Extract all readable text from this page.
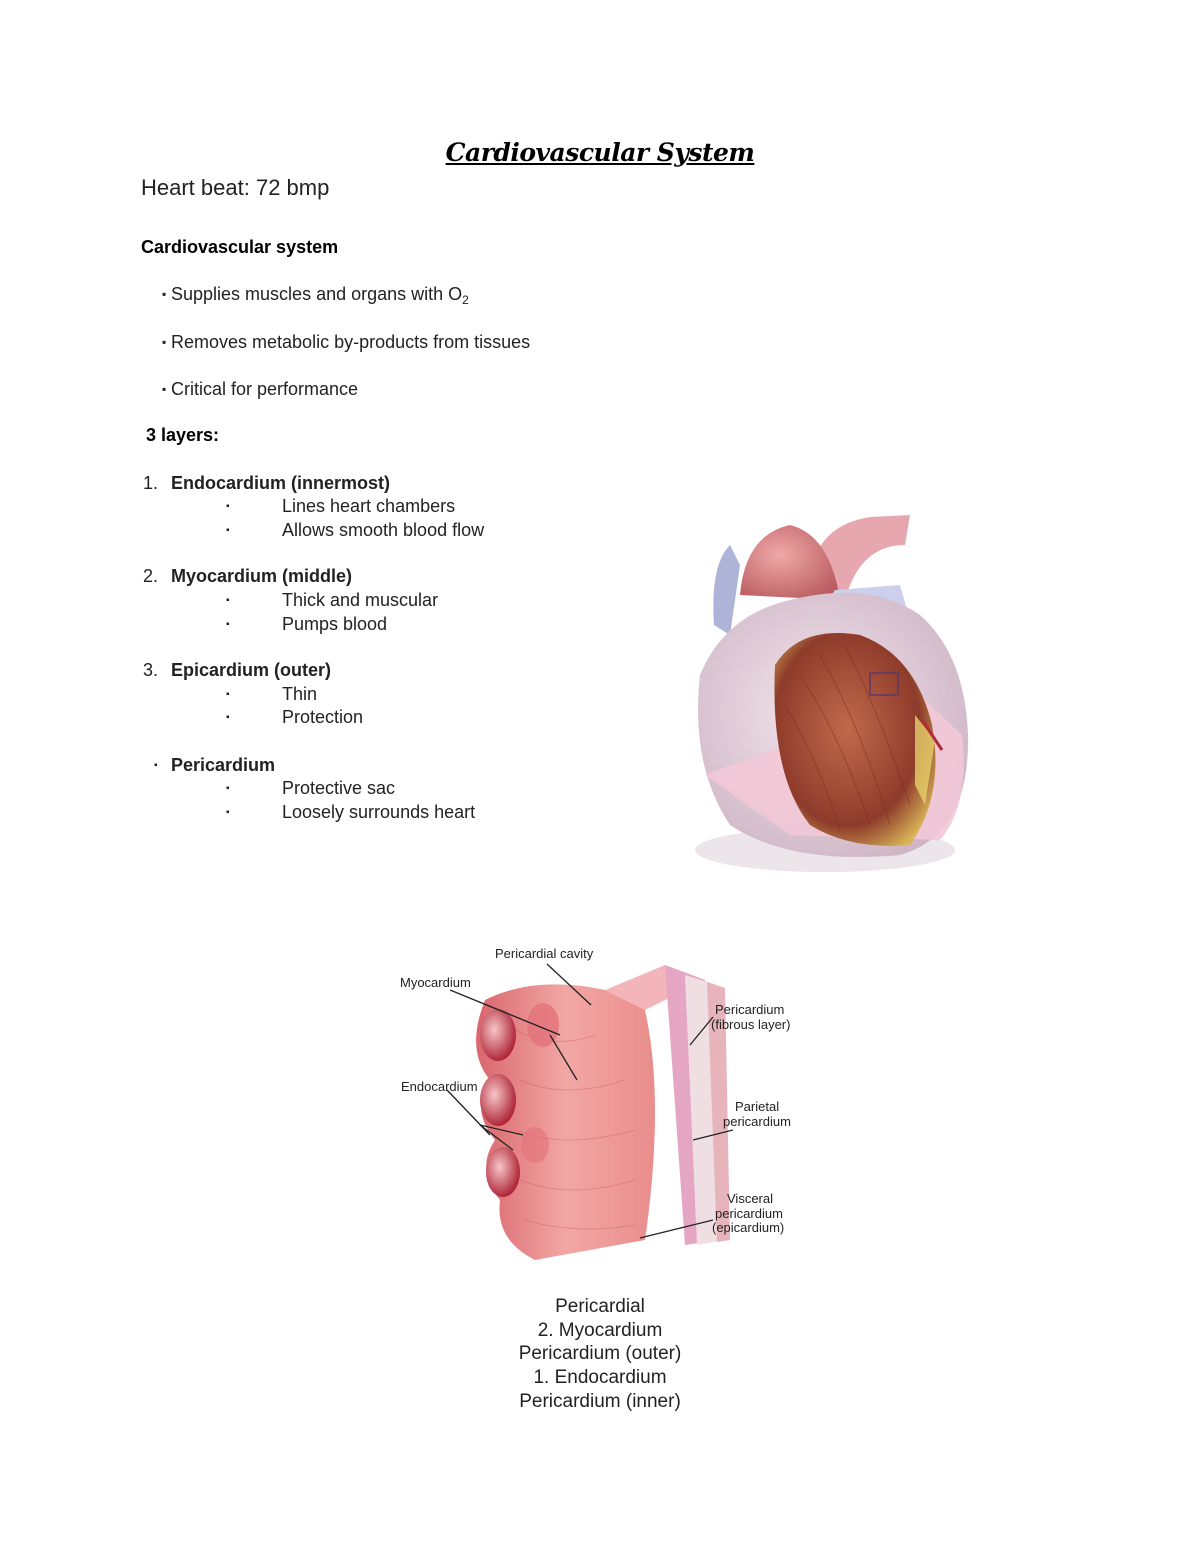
Cardiovascular System
Heart beat: 72 bmp
Cardiovascular system
▪ Supplies muscles and organs with $O_2$
▪ Removes metabolic by-products from tissues
▪ Critical for performance
3 layers:
1. Endocardium (innermost)
▪	Lines heart chambers
▪	Allows smooth blood flow
2. Myocardium (middle)
▪	Thick and muscular
▪	Pumps blood
3. Epicardium (outer)
▪	Thin
▪	Protection
▪ Pericardium
▪	Protective sac
▪	Loosely surrounds heart
Pericardial cavity
Myocardium
Endocardium
Pericardium
(fibrous layer)
Parietal
pericardium
Visceral
pericardium
(epicardium)
Pericardial
2. Myocardium
Pericardium (outer)
1. Endocardium
Pericardium (inner)
